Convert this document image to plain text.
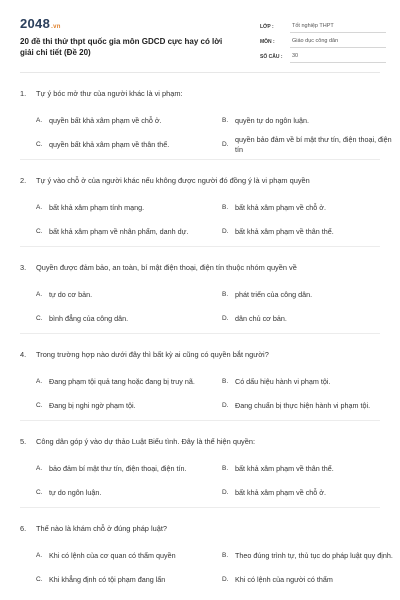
2048.vn
20 đề thi thử thpt quốc gia môn GDCD cực hay có lời giải chi tiết (Đề 20)
LỚP :	Tốt nghiệp THPT
MÔN :	Giáo dục công dân
SỐ CÂU :	30
1.	Tự ý bóc mở thư của người khác là vi phạm:
A. quyền bất khả xâm phạm về chỗ ở.	B. quyền tự do ngôn luận.
C. quyền bất khả xâm phạm về thân thể.	D.
quyền bảo đảm về bí mật thư tín, điện thoại, điện tín
2.	Tự ý vào chỗ ở của người khác nếu không được người đó đồng ý là vi phạm quyền
A. bất khả xâm phạm tính mạng.	B. bất khả xâm phạm về chỗ ở.
C. bất khả xâm phạm về nhân phẩm, danh dự.	D. bất khả xâm phạm về thân thể.
3.	Quyền được đảm bảo, an toàn, bí mật điện thoại, điện tín thuộc nhóm quyền về
A. tự do cơ bản.	B. phát triển của công dân.
C. bình đẳng của công dân.	D. dân chủ cơ bản.
4.	Trong trường hợp nào dưới đây thì bất kỳ ai cũng có quyền bắt người?
A. Đang phạm tội quả tang hoặc đang bị truy nã.	B. Có dấu hiệu hành vi phạm tội.
C. Đang bị nghi ngờ phạm tội.	D. Đang chuẩn bị thực hiện hành vi phạm tội.
5.	Công dân góp ý vào dự thảo Luật Biểu tình. Đây là thể hiện quyền:
A. bảo đảm bí mật thư tín, điện thoại, điện tín.	B. bất khả xâm phạm về thân thể.
C. tự do ngôn luận.	D. bất khả xâm phạm về chỗ ở.
6.	Thế nào là khám chỗ ở đúng pháp luật?
A. Khi có lệnh của cơ quan có thẩm quyền	B. Theo đúng trình tự, thủ tục do pháp luật quy định.
C. Khi khẳng định có tội phạm đang lẩn	D. Khi có lệnh của người có thẩm
